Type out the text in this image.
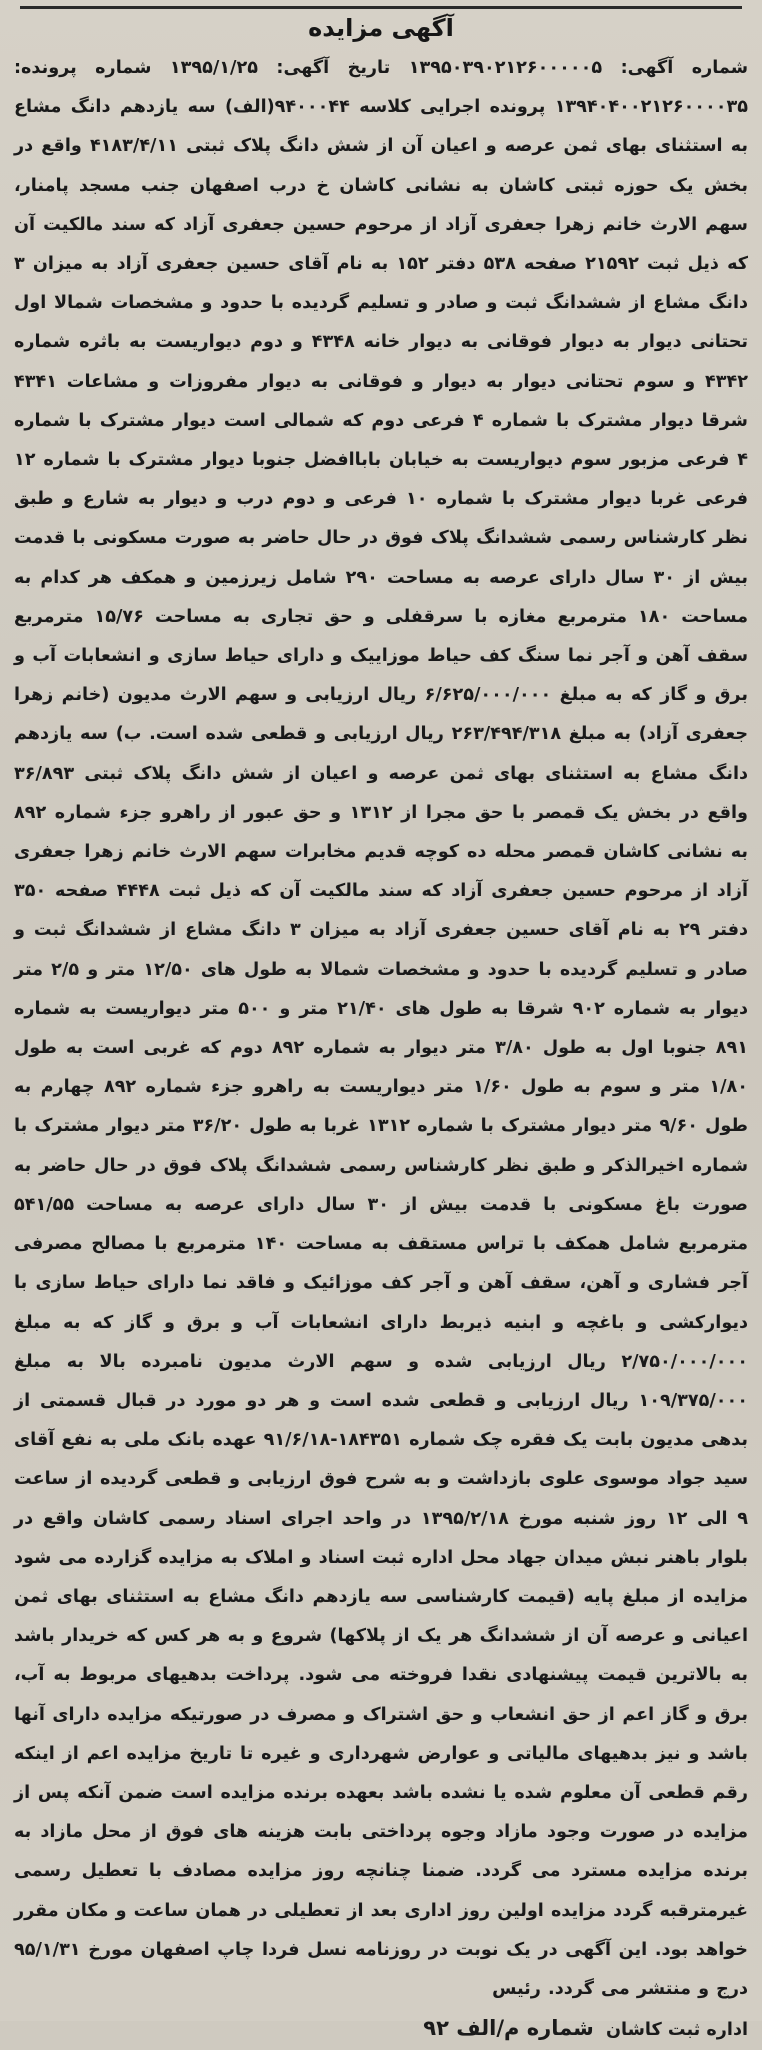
آگهی مزایده

شماره آگهی: ۱۳۹۵۰۳۹۰۲۱۲۶۰۰۰۰۰۵ تاریخ آگهی: ۱۳۹۵/۱/۲۵ شماره پرونده: ۱۳۹۴۰۴۰۰۲۱۲۶۰۰۰۰۳۵ پرونده اجرایی کلاسه ۹۴۰۰۰۴۴(الف) سه یازدهم دانگ مشاع به استثنای بهای ثمن عرصه و اعیان آن از شش دانگ پلاک ثبتی ۴۱۸۳/۴/۱۱ واقع در بخش یک حوزه ثبتی کاشان به نشانی کاشان خ درب اصفهان جنب مسجد پامنار، سهم الارث خانم زهرا جعفری آزاد از مرحوم حسین جعفری آزاد که سند مالکیت آن که ذیل ثبت ۲۱۵۹۲ صفحه ۵۳۸ دفتر ۱۵۲ به نام آقای حسین جعفری آزاد به میزان ۳ دانگ مشاع از ششدانگ ثبت و صادر و تسلیم گردیده با حدود و مشخصات شمالا اول تحتانی دیوار به دیوار فوقانی به دیوار خانه ۴۳۴۸ و دوم دیواریست به باثره شماره ۴۳۴۲ و سوم تحتانی دیوار به دیوار و فوقانی به دیوار مفروزات و مشاعات ۴۳۴۱ شرقا دیوار مشترک با شماره ۴ فرعی دوم که شمالی است دیوار مشترک با شماره ۴ فرعی مزبور سوم دیواریست به خیابان باباافضل جنوبا دیوار مشترک با شماره ۱۲ فرعی غربا دیوار مشترک با شماره ۱۰ فرعی و دوم درب و دیوار به شارع و طبق نظر کارشناس رسمی ششدانگ پلاک فوق در حال حاضر به صورت مسکونی با قدمت بیش از ۳۰ سال دارای عرصه به مساحت ۲۹۰ شامل زیرزمین و همکف هر کدام به مساحت ۱۸۰ مترمربع مغازه با سرقفلی و حق تجاری به مساحت ۱۵/۷۶ مترمربع سقف آهن و آجر نما سنگ کف حیاط موزاییک و دارای حیاط سازی و انشعابات آب و برق و گاز که به مبلغ ۶/۶۲۵/۰۰۰/۰۰۰ ریال ارزیابی و سهم الارث مدیون (خانم زهرا جعفری آزاد) به مبلغ ۲۶۳/۴۹۴/۳۱۸ ریال ارزیابی و قطعی شده است. ب) سه یازدهم دانگ مشاع به استثنای بهای ثمن عرصه و اعیان از شش دانگ پلاک ثبتی ۳۶/۸۹۳ واقع در بخش یک قمصر با حق مجرا از ۱۳۱۲ و حق عبور از راهرو جزء شماره ۸۹۲ به نشانی کاشان قمصر محله ده کوچه قدیم مخابرات سهم الارث خانم زهرا جعفری آزاد از مرحوم حسین جعفری آزاد که سند مالکیت آن که ذیل ثبت ۴۴۴۸ صفحه ۳۵۰ دفتر ۲۹ به نام آقای حسین جعفری آزاد به میزان ۳ دانگ مشاع از ششدانگ ثبت و صادر و تسلیم گردیده با حدود و مشخصات شمالا به طول های ۱۲/۵۰ متر و ۲/۵ متر دیوار به شماره ۹۰۲ شرقا به طول های ۲۱/۴۰ متر و ۵۰۰ متر دیواریست به شماره ۸۹۱ جنوبا اول به طول ۳/۸۰ متر دیوار به شماره ۸۹۲ دوم که غربی است به طول ۱/۸۰ متر و سوم به طول ۱/۶۰ متر دیواریست به راهرو جزء شماره ۸۹۲ چهارم به طول ۹/۶۰ متر دیوار مشترک با شماره ۱۳۱۲ غربا به طول ۳۶/۲۰ متر دیوار مشترک با شماره اخیرالذکر و طبق نظر کارشناس رسمی ششدانگ پلاک فوق در حال حاضر به صورت باغ مسکونی با قدمت بیش از ۳۰ سال دارای عرصه به مساحت ۵۴۱/۵۵ مترمربع شامل همکف با تراس مستقف به مساحت ۱۴۰ مترمربع با مصالح مصرفی آجر فشاری و آهن، سقف آهن و آجر کف موزائیک و فاقد نما دارای حیاط سازی با دیوارکشی و باغچه و ابنیه ذیربط دارای انشعابات آب و برق و گاز که به مبلغ ۲/۷۵۰/۰۰۰/۰۰۰ ریال ارزیابی شده و سهم الارث مدیون نامبرده بالا به مبلغ ۱۰۹/۳۷۵/۰۰۰ ریال ارزیابی و قطعی شده است و هر دو مورد در قبال قسمتی از بدهی مدیون بابت یک فقره چک شماره ۱۸۴۳۵۱-۹۱/۶/۱۸ عهده بانک ملی به نفع آقای سید جواد موسوی علوی بازداشت و به شرح فوق ارزیابی و قطعی گردیده از ساعت ۹ الی ۱۲ روز شنبه مورخ ۱۳۹۵/۲/۱۸ در واحد اجرای اسناد رسمی کاشان واقع در بلوار باهنر نبش میدان جهاد محل اداره ثبت اسناد و املاک به مزایده گزارده می شود مزایده از مبلغ پایه (قیمت کارشناسی سه یازدهم دانگ مشاع به استثنای بهای ثمن اعیانی و عرصه آن از ششدانگ هر یک از پلاکها) شروع و به هر کس که خریدار باشد به بالاترین قیمت پیشنهادی نقدا فروخته می شود. پرداخت بدهیهای مربوط به آب، برق و گاز اعم از حق انشعاب و حق اشتراک و مصرف در صورتیکه مزایده دارای آنها باشد و نیز بدهیهای مالیاتی و عوارض شهرداری و غیره تا تاریخ مزایده اعم از اینکه رقم قطعی آن معلوم شده یا نشده باشد بعهده برنده مزایده است ضمن آنکه پس از مزایده در صورت وجود مازاد وجوه پرداختی بابت هزینه های فوق از محل مازاد به برنده مزایده مسترد می گردد. ضمنا چنانچه روز مزایده مصادف با تعطیل رسمی غیرمترقبه گردد مزایده اولین روز اداری بعد از تعطیلی در همان ساعت و مکان مقرر خواهد بود. این آگهی در یک نوبت در روزنامه نسل فردا چاپ اصفهان مورخ ۹۵/۱/۳۱ درج و منتشر می گردد. رئیس

اداره ثبت کاشان شماره م/الف ۹۲
